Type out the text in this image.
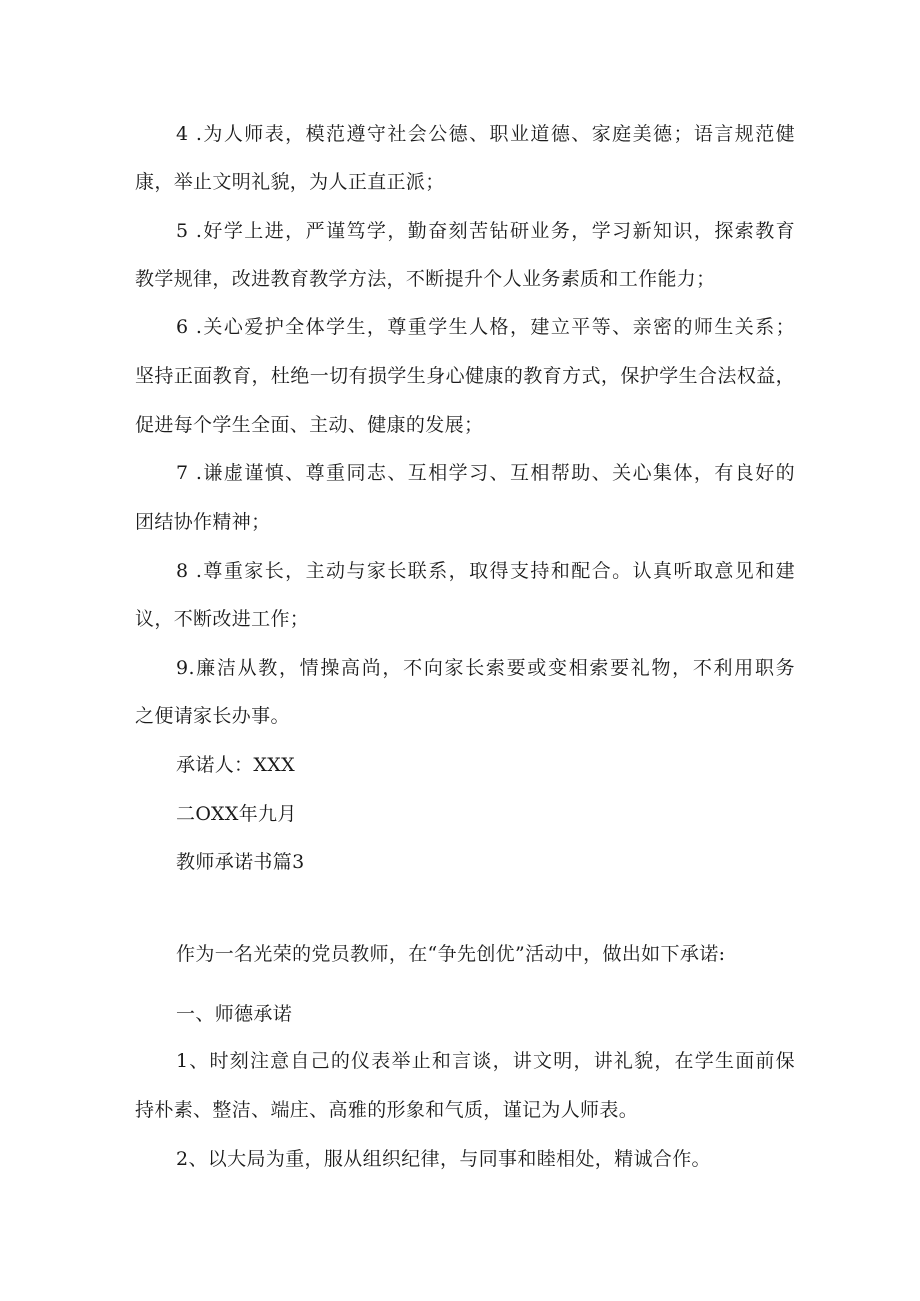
4 .为人师表，模范遵守社会公德、职业道德、家庭美德；语言规范健

康，举止文明礼貌，为人正直正派；

5 .好学上进，严谨笃学，勤奋刻苦钻研业务，学习新知识，探索教育

教学规律，改进教育教学方法，不断提升个人业务素质和工作能力；

6 .关心爱护全体学生，尊重学生人格，建立平等、亲密的师生关系；

坚持正面教育，杜绝一切有损学生身心健康的教育方式，保护学生合法权益，

促进每个学生全面、主动、健康的发展；

7 .谦虚谨慎、尊重同志、互相学习、互相帮助、关心集体，有良好的

团结协作精神；

8 .尊重家长，主动与家长联系，取得支持和配合。认真听取意见和建

议，不断改进工作；

9.廉洁从教，情操高尚，不向家长索要或变相索要礼物，不利用职务

之便请家长办事。

承诺人：XXX

二OXX年九月

教师承诺书篇3

作为一名光荣的党员教师，在“争先创优”活动中，做出如下承诺:

一、师德承诺

1、时刻注意自己的仪表举止和言谈，讲文明，讲礼貌，在学生面前保

持朴素、整洁、端庄、高雅的形象和气质，谨记为人师表。

2、以大局为重，服从组织纪律，与同事和睦相处，精诚合作。
